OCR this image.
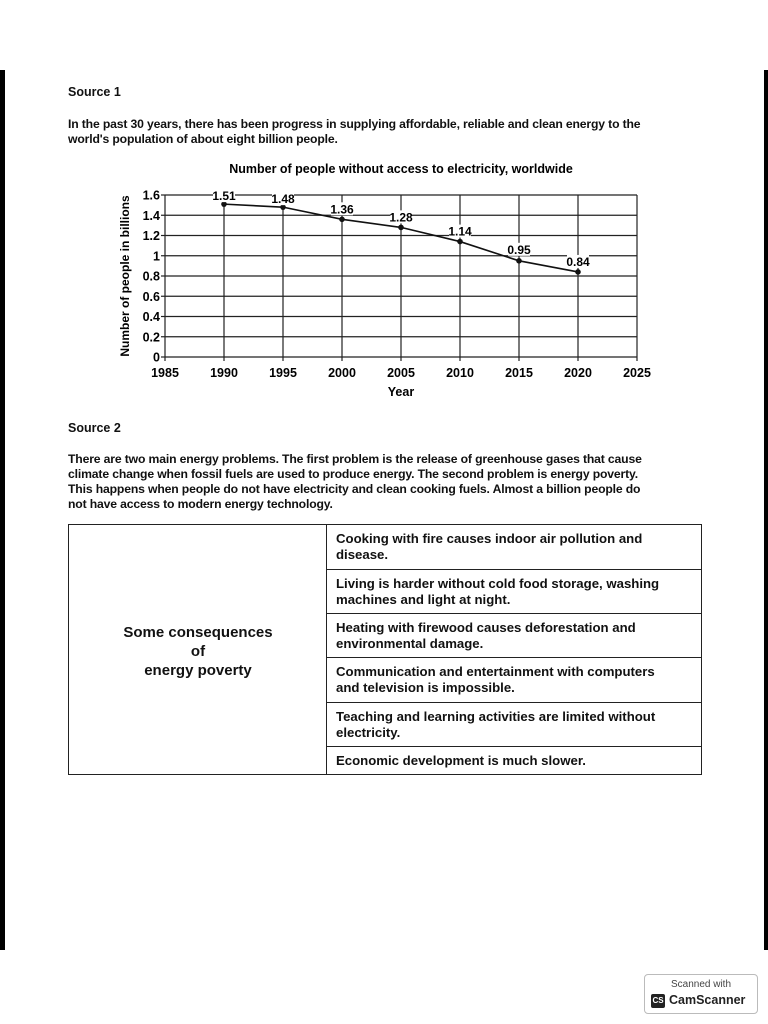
Source 1
In the past 30 years, there has been progress in supplying affordable, reliable and clean energy to the
world's population of about eight billion people.
Number of people without access to electricity, worldwide
0
0.2
0.4
0.6
0.8
1
1.2
1.4
1.6
1985 1990 1995 2000 2005 2010 2015 2020 2025
Year
Number of people in billions	1.51	1.48
1.36
1.28
1.14
0.95
0.84
Source 2
There are two main energy problems. The first problem is the release of greenhouse gases that cause
climate change when fossil fuels are used to produce energy. The second problem is energy poverty.
This happens when people do not have electricity and clean cooking fuels. Almost a billion people do
not have access to modern energy technology.
Some consequences
of
energy poverty
Cooking with fire causes indoor air pollution and
disease.
Living is harder without cold food storage, washing
machines and light at night.
Heating with firewood causes deforestation and
environmental damage.
Communication and entertainment with computers
and television is impossible.
Teaching and learning activities are limited without
electricity.
Economic development is much slower.
Scanned with
CS CamScanner
